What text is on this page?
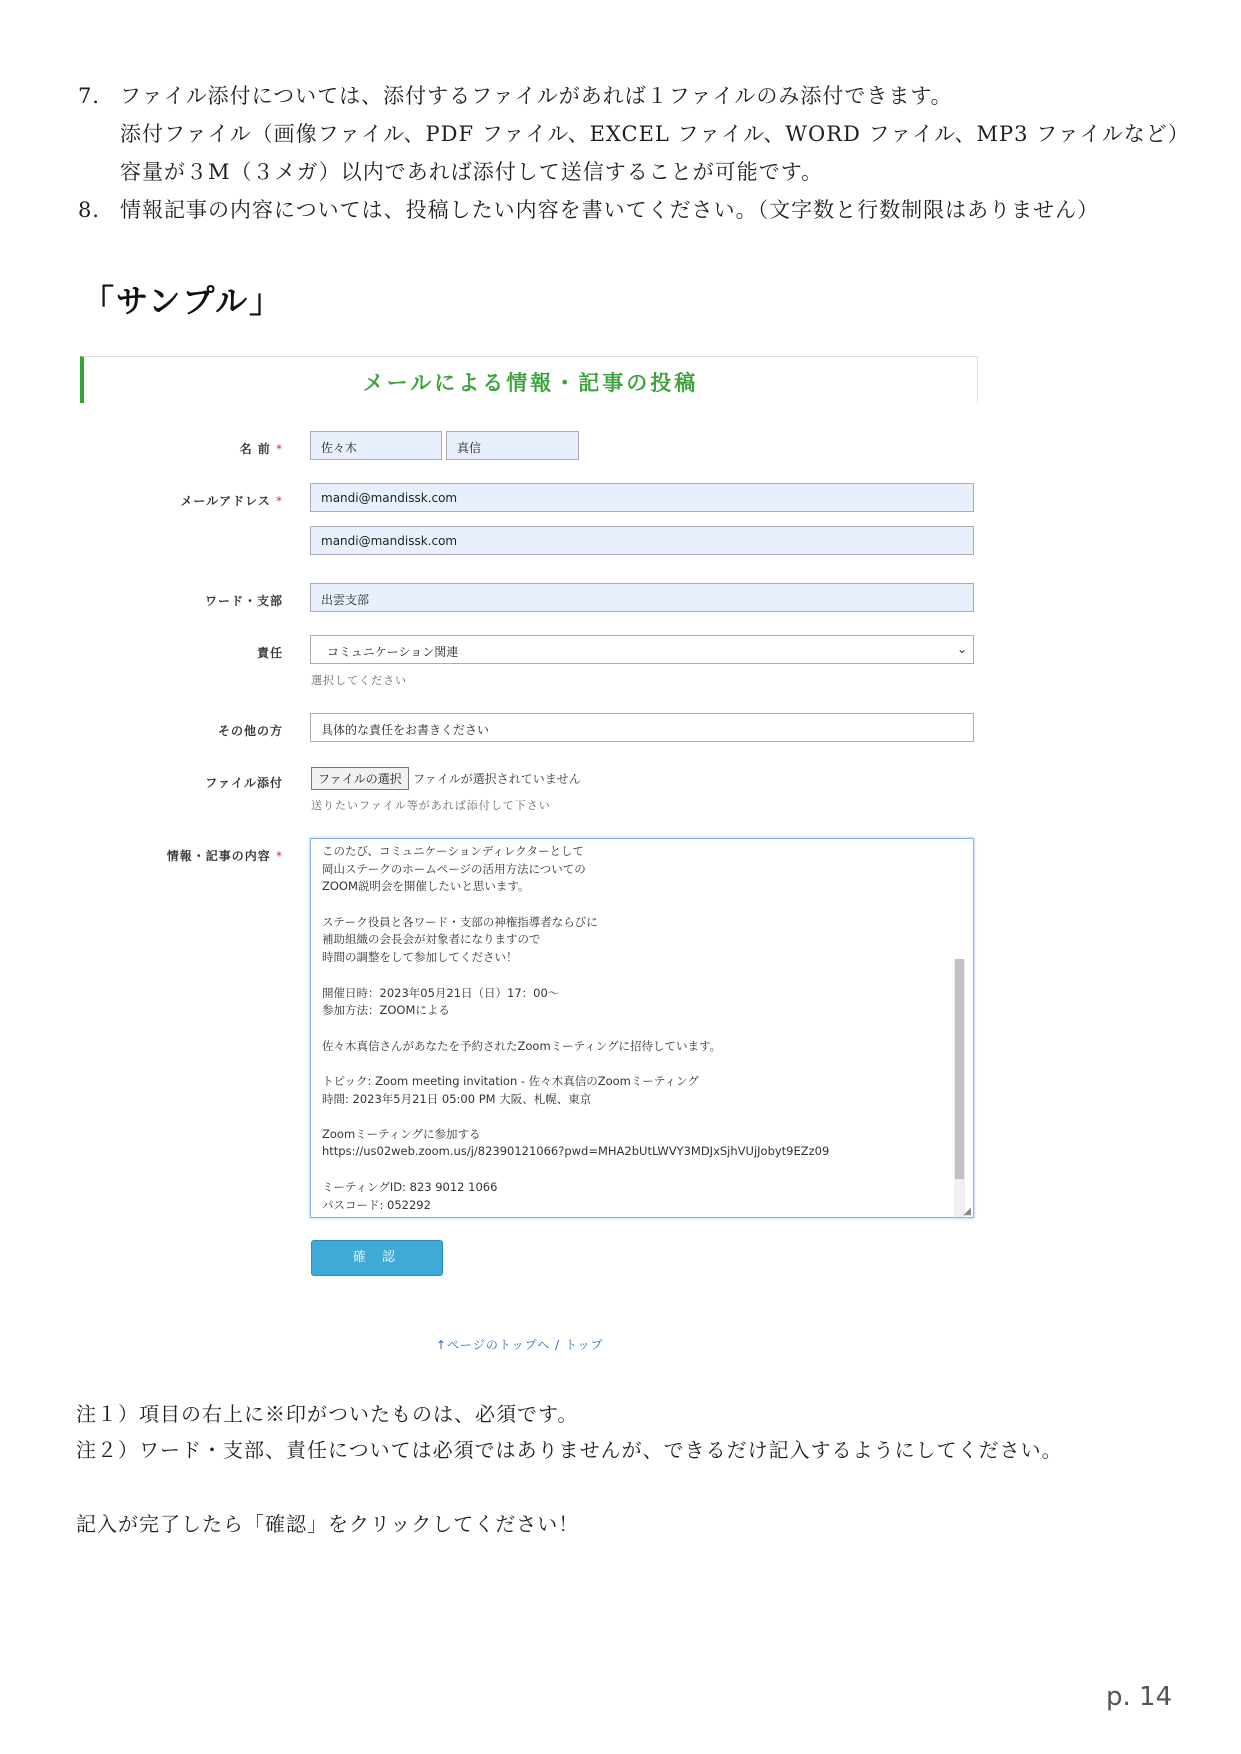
7． ファイル添付については、添付するファイルがあれば１ファイルのみ添付できます。
添付ファイル（画像ファイル、PDF ファイル、EXCEL ファイル、WORD ファイル、MP3 ファイルなど）
容量が３M（３メガ）以内であれば添付して送信することが可能です。
8． 情報記事の内容については、投稿したい内容を書いてください。（文字数と行数制限はありません）
「サンプル」
メールによる情報・記事の投稿
名 前 *	佐々木	真信
メールアドレス *	mandi@mandissk.com
mandi@mandissk.com
ワード・支部	出雲支部
責任	コミュニケーション関連	⌄
選択してください
その他の方	具体的な責任をお書きください
ファイル添付	ファイルの選択 ファイルが選択されていません
送りたいファイル等があれば添付して下さい
情報・記事の内容 *	このたび、コミュニケーションディレクターとして
岡山ステークのホームページの活用方法についての
ZOOM説明会を開催したいと思います。
ステーク役員と各ワード・支部の神権指導者ならびに
補助組織の会長会が対象者になりますので
時間の調整をして参加してください！
開催日時：2023年05月21日（日）17：00～
参加方法：ZOOMによる
佐々木真信さんがあなたを予約されたZoomミーティングに招待しています。
トピック: Zoom meeting invitation - 佐々木真信のZoomミーティング
時間: 2023年5月21日 05:00 PM 大阪、札幌、東京
Zoomミーティングに参加する
https://us02web.zoom.us/j/82390121066?pwd=MHA2bUtLWVY3MDJxSjhVUjJobyt9EZz09
ミーティングID: 823 9012 1066
パスコード: 052292	◢
確 認
↑ページのトップへ / トップ
注１）項目の右上に※印がついたものは、必須です。
注２）ワード・支部、責任については必須ではありませんが、できるだけ記入するようにしてください。
記入が完了したら「確認」をクリックしてください！
p. 14
